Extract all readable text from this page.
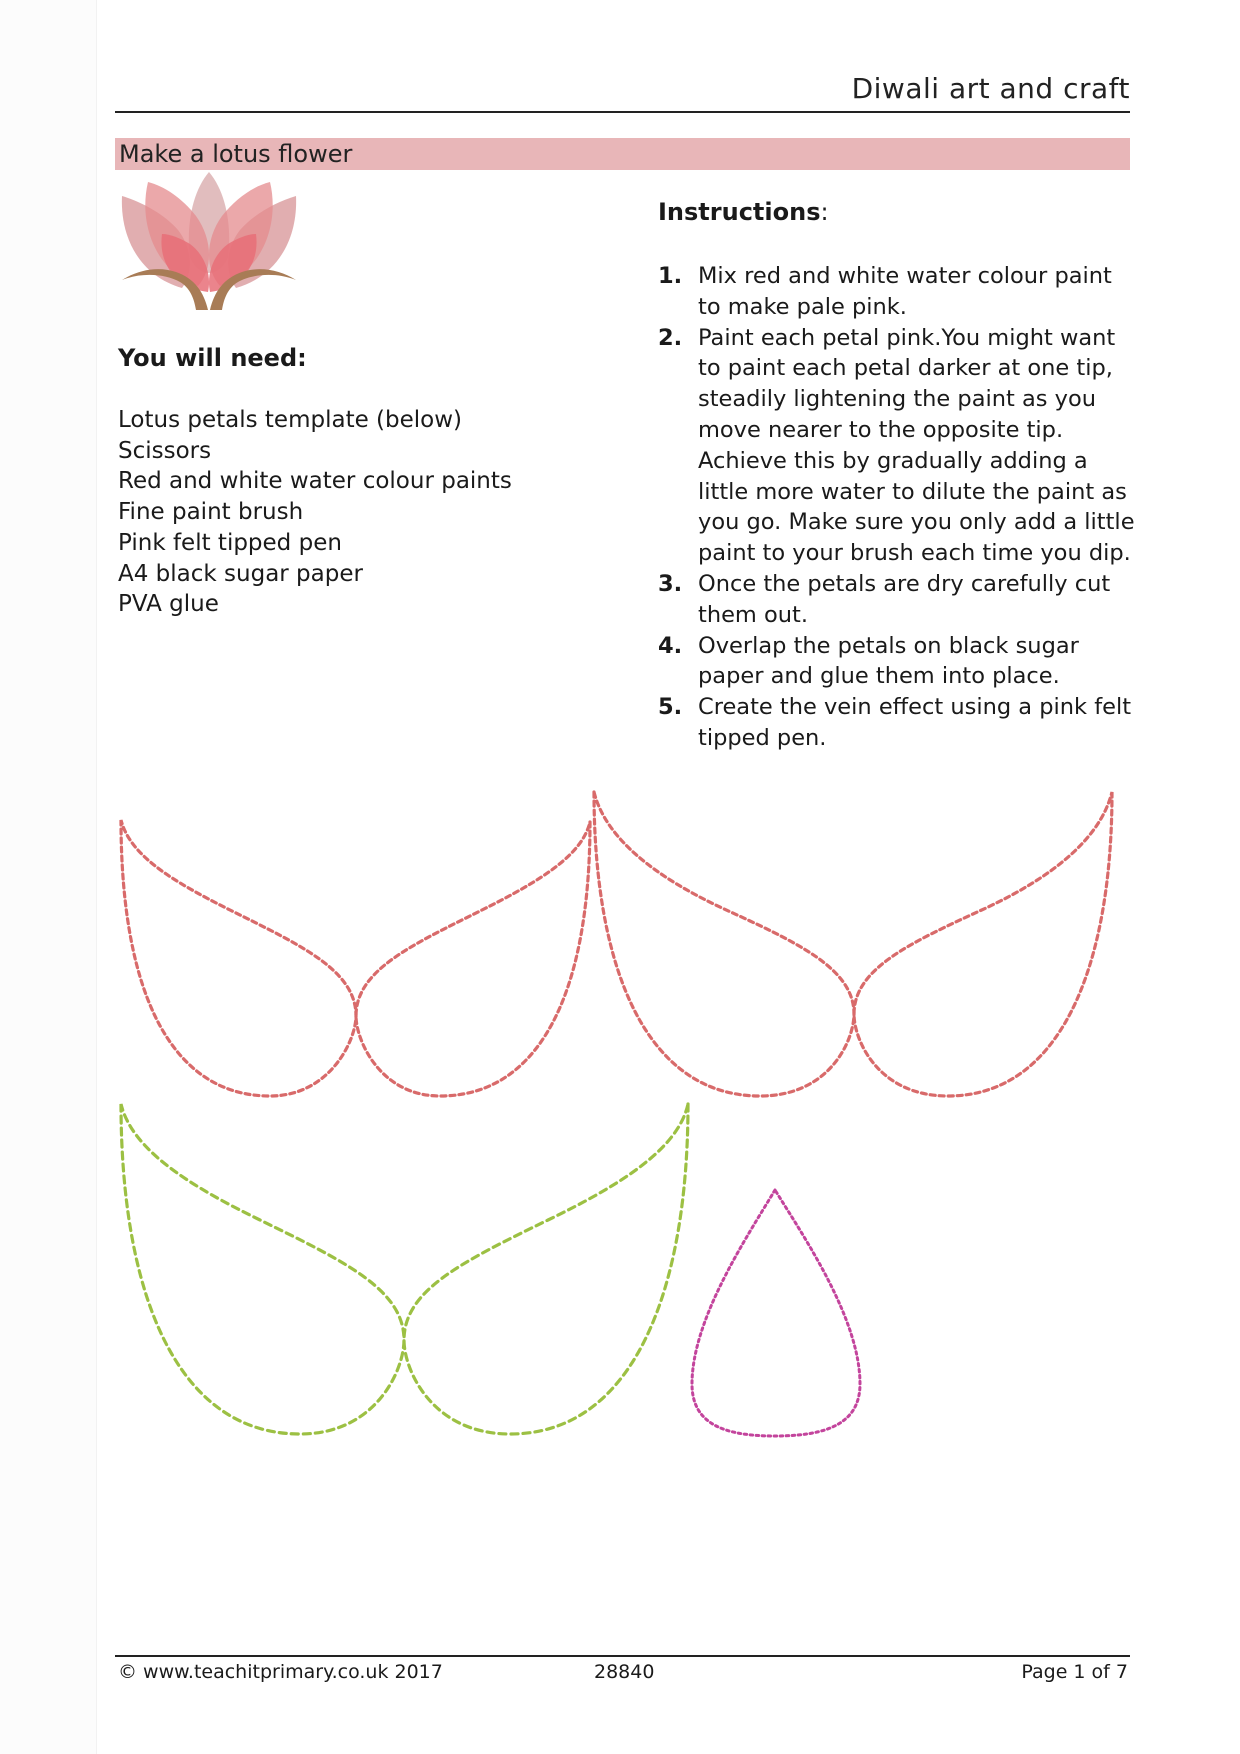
Diwali art and craft
Make a lotus flower
You will need:
Lotus petals template (below)
Scissors
Red and white water colour paints
Fine paint brush
Pink felt tipped pen
A4 black sugar paper
PVA glue
Instructions:
1. Mix red and white water colour paint to make pale pink.
2. Paint each petal pink.You might want to paint each petal darker at one tip, steadily lightening the paint as you move nearer to the opposite tip. Achieve this by gradually adding a little more water to dilute the paint as you go. Make sure you only add a little paint to your brush each time you dip.
3. Once the petals are dry carefully cut them out.
4. Overlap the petals on black sugar paper and glue them into place.
5. Create the vein effect using a pink felt tipped pen.
© www.teachitprimary.co.uk 2017	28840	Page 1 of 7
